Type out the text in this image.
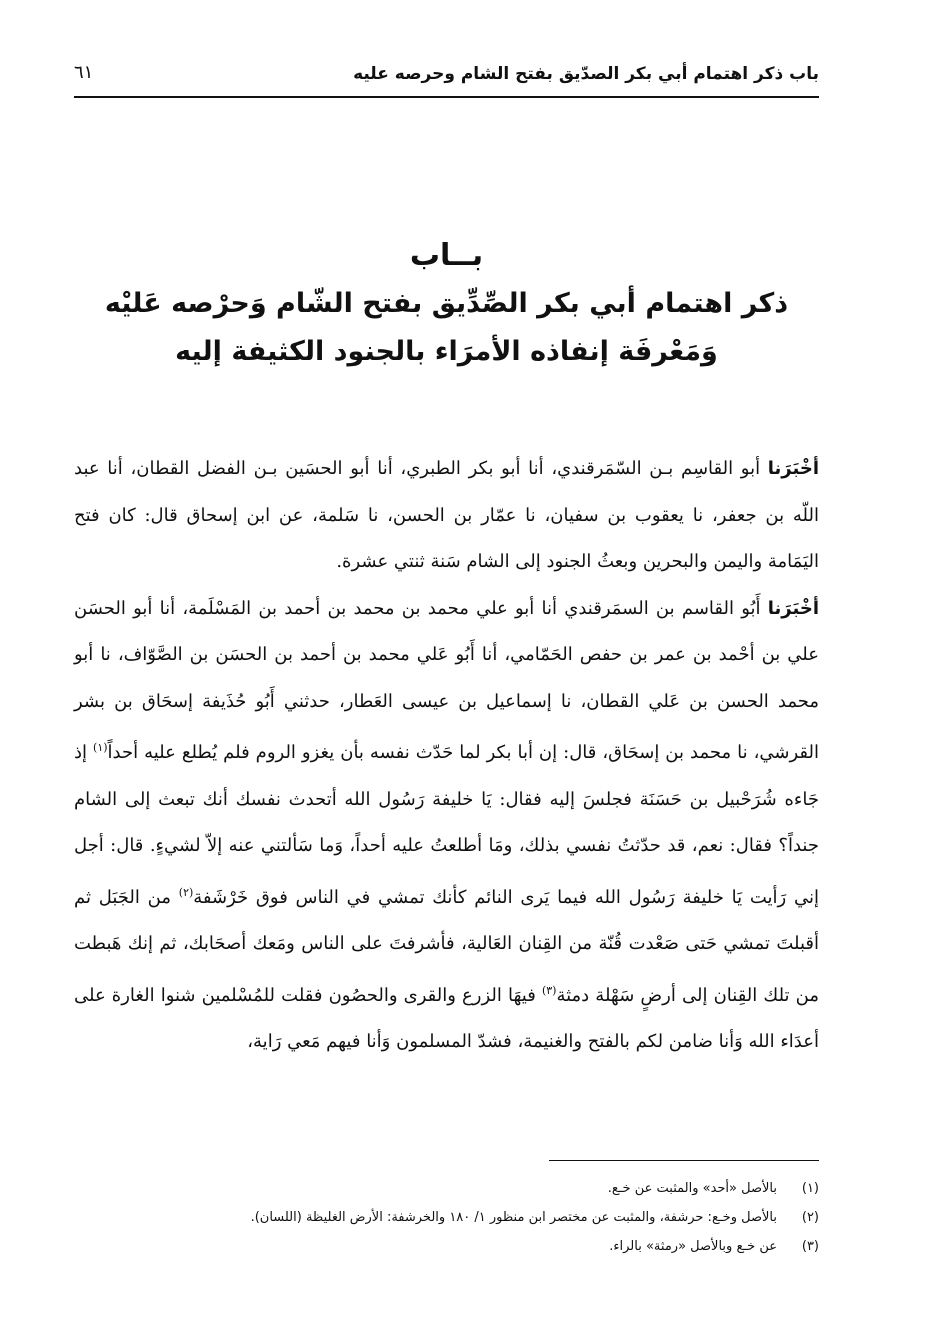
باب ذكر اهتمام أبي بكر الصدّيق بفتح الشام وحرصه عليه
٦١
بــاب
ذكر اهتمام أبي بكر الصِّدِّيق بفتح الشّام وَحرْصه عَليْه
وَمَعْرفَة إنفاذه الأمرَاء بالجنود الكثيفة إليه

أخْبَرَنا أبو القاسِم بـن السّمَرقندي، أنا أبو بكر الطبري، أنا أبو الحسَين بـن الفضل القطان، أنا عبد اللّه بن جعفر، نا يعقوب بن سفيان، نا عمّار بن الحسن، نا سَلمة، عن ابن إسحاق قال: كان فتح اليَمَامة واليمن والبحرين وبعثُ الجنود إلى الشام سَنة ثنتي عشرة.

أخْبَرَنا أَبُو القاسم بن السمَرقندي أنا أبو علي محمد بن محمد بن أحمد بن المَسْلَمة، أنا أبو الحسَن علي بن أحْمد بن عمر بن حفص الحَمّامي، أنا أَبُو عَلي محمد بن أحمد بن الحسَن بن الصَّوّاف، نا أبو محمد الحسن بن عَلي القطان، نا إسماعيل بن عيسى العَطار، حدثني أَبُو حُذَيفة إسحَاق بن بشر القرشي، نا محمد بن إسحَاق، قال: إن أبا بكر لما حَدّث نفسه بأن يغزو الروم فلم يُطلع عليه أحداً$^{(١)}$ إذ جَاءه شُرَحْبيل بن حَسَنَة فجلسَ إليه فقال: يَا خليفة رَسُول الله أتحدث نفسك أنك تبعث إلى الشام جنداً؟ فقال: نعم، قد حدّثتُ نفسي بذلك، ومَا أطلعتُ عليه أحداً، وَما سَألتني عنه إلاّ لشيءٍ. قال: أجل إني رَأيت يَا خليفة رَسُول الله فيما يَرى النائم كأنك تمشي في الناس فوق خَرْشَفة$^{(٢)}$ من الجَبَل ثم أقبلتَ تمشي حَتى صَعْدت قُنّة من القِنان العَالية، فأشرفتَ على الناس ومَعك أصحَابك، ثم إنك هَبطت من تلك القِنان إلى أرضٍ سَهْلة دمثة$^{(٣)}$ فيهَا الزرع والقرى والحصُون فقلت للمُسْلمين شنوا الغارة على أعدَاء الله وَأنا ضامن لكم بالفتح والغنيمة، فشدّ المسلمون وَأنا فيهم مَعي رَاية،

(١)
بالأصل «أحد» والمثبت عن خـع.
(٢)
بالأصل وخـع: حرشفة، والمثبت عن مختصر ابن منظور ١/ ١٨٠ والخرشفة: الأرض الغليظة (اللسان).
(٣)
عن خـع وبالأصل «رمثة» بالراء.
